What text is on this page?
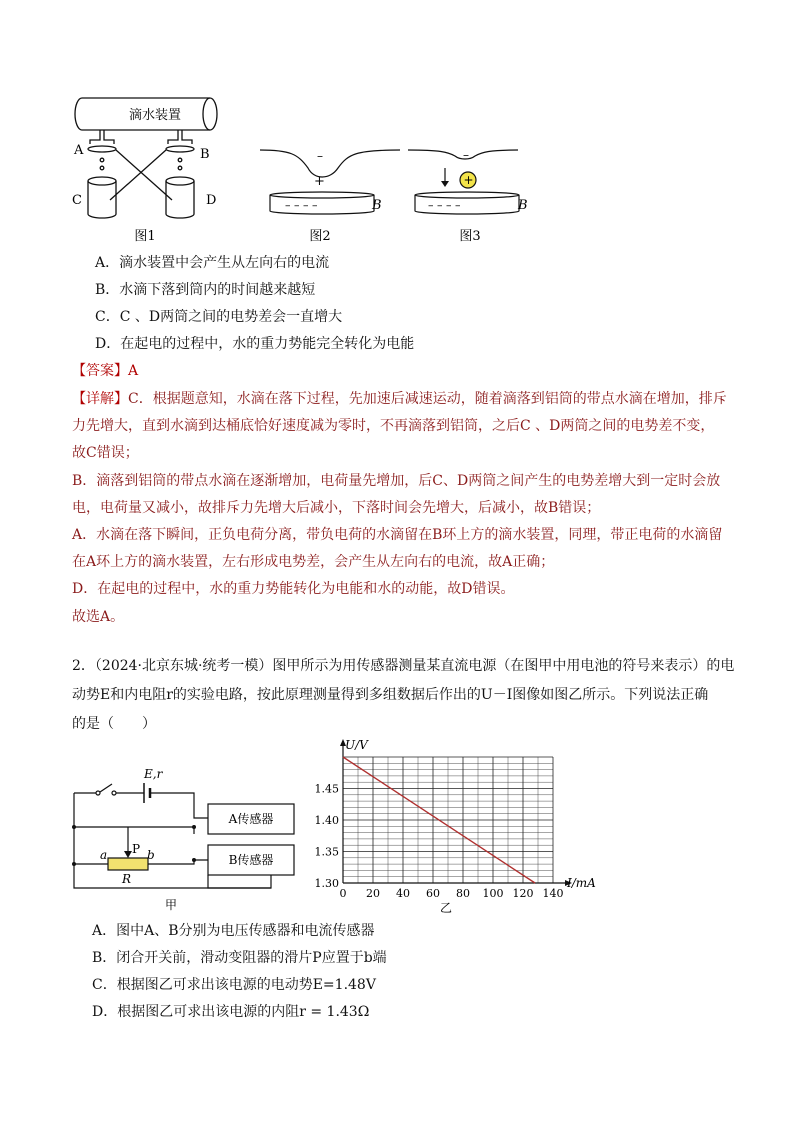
滴水装置
A	B
C	D
–
+
– – – –	B
–
+
– – – –	B
图1	图2	图3
A．滴水装置中会产生从左向右的电流
B．水滴下落到筒内的时间越来越短
C．C 、D两筒之间的电势差会一直增大
D．在起电的过程中，水的重力势能完全转化为电能
【答案】A
【详解】C．根据题意知，水滴在落下过程，先加速后减速运动，随着滴落到铝筒的带点水滴在增加，排斥
力先增大，直到水滴到达桶底恰好速度减为零时，不再滴落到铝筒，之后C 、D两筒之间的电势差不变，
故C错误；
B．滴落到铝筒的带点水滴在逐渐增加，电荷量先增加，后C、D两筒之间产生的电势差增大到一定时会放
电，电荷量又减小，故排斥力先增大后减小，下落时间会先增大，后减小，故B错误；
A．水滴在落下瞬间，正负电荷分离，带负电荷的水滴留在B环上方的滴水装置，同理，带正电荷的水滴留
在A环上方的滴水装置，左右形成电势差，会产生从左向右的电流，故A正确；
D．在起电的过程中，水的重力势能转化为电能和水的动能，故D错误。
故选A。
2．（2024·北京东城·统考一模）图甲所示为用传感器测量某直流电源（在图甲中用电池的符号来表示）的电
动势E和内电阻r的实验电路，按此原理测量得到多组数据后作出的U－I图像如图乙所示。下列说法正确
的是（　　）
E,r
A传感器
B传感器
P
a	b
R
甲
0 20 40 60 80 100 120 140
1.30
1.35
1.40
1.45
U/V
I/mA
乙
A．图中A、B分别为电压传感器和电流传感器
B．闭合开关前，滑动变阻器的滑片P应置于b端
C．根据图乙可求出该电源的电动势E=1.48V
D．根据图乙可求出该电源的内阻r = 1.43Ω
